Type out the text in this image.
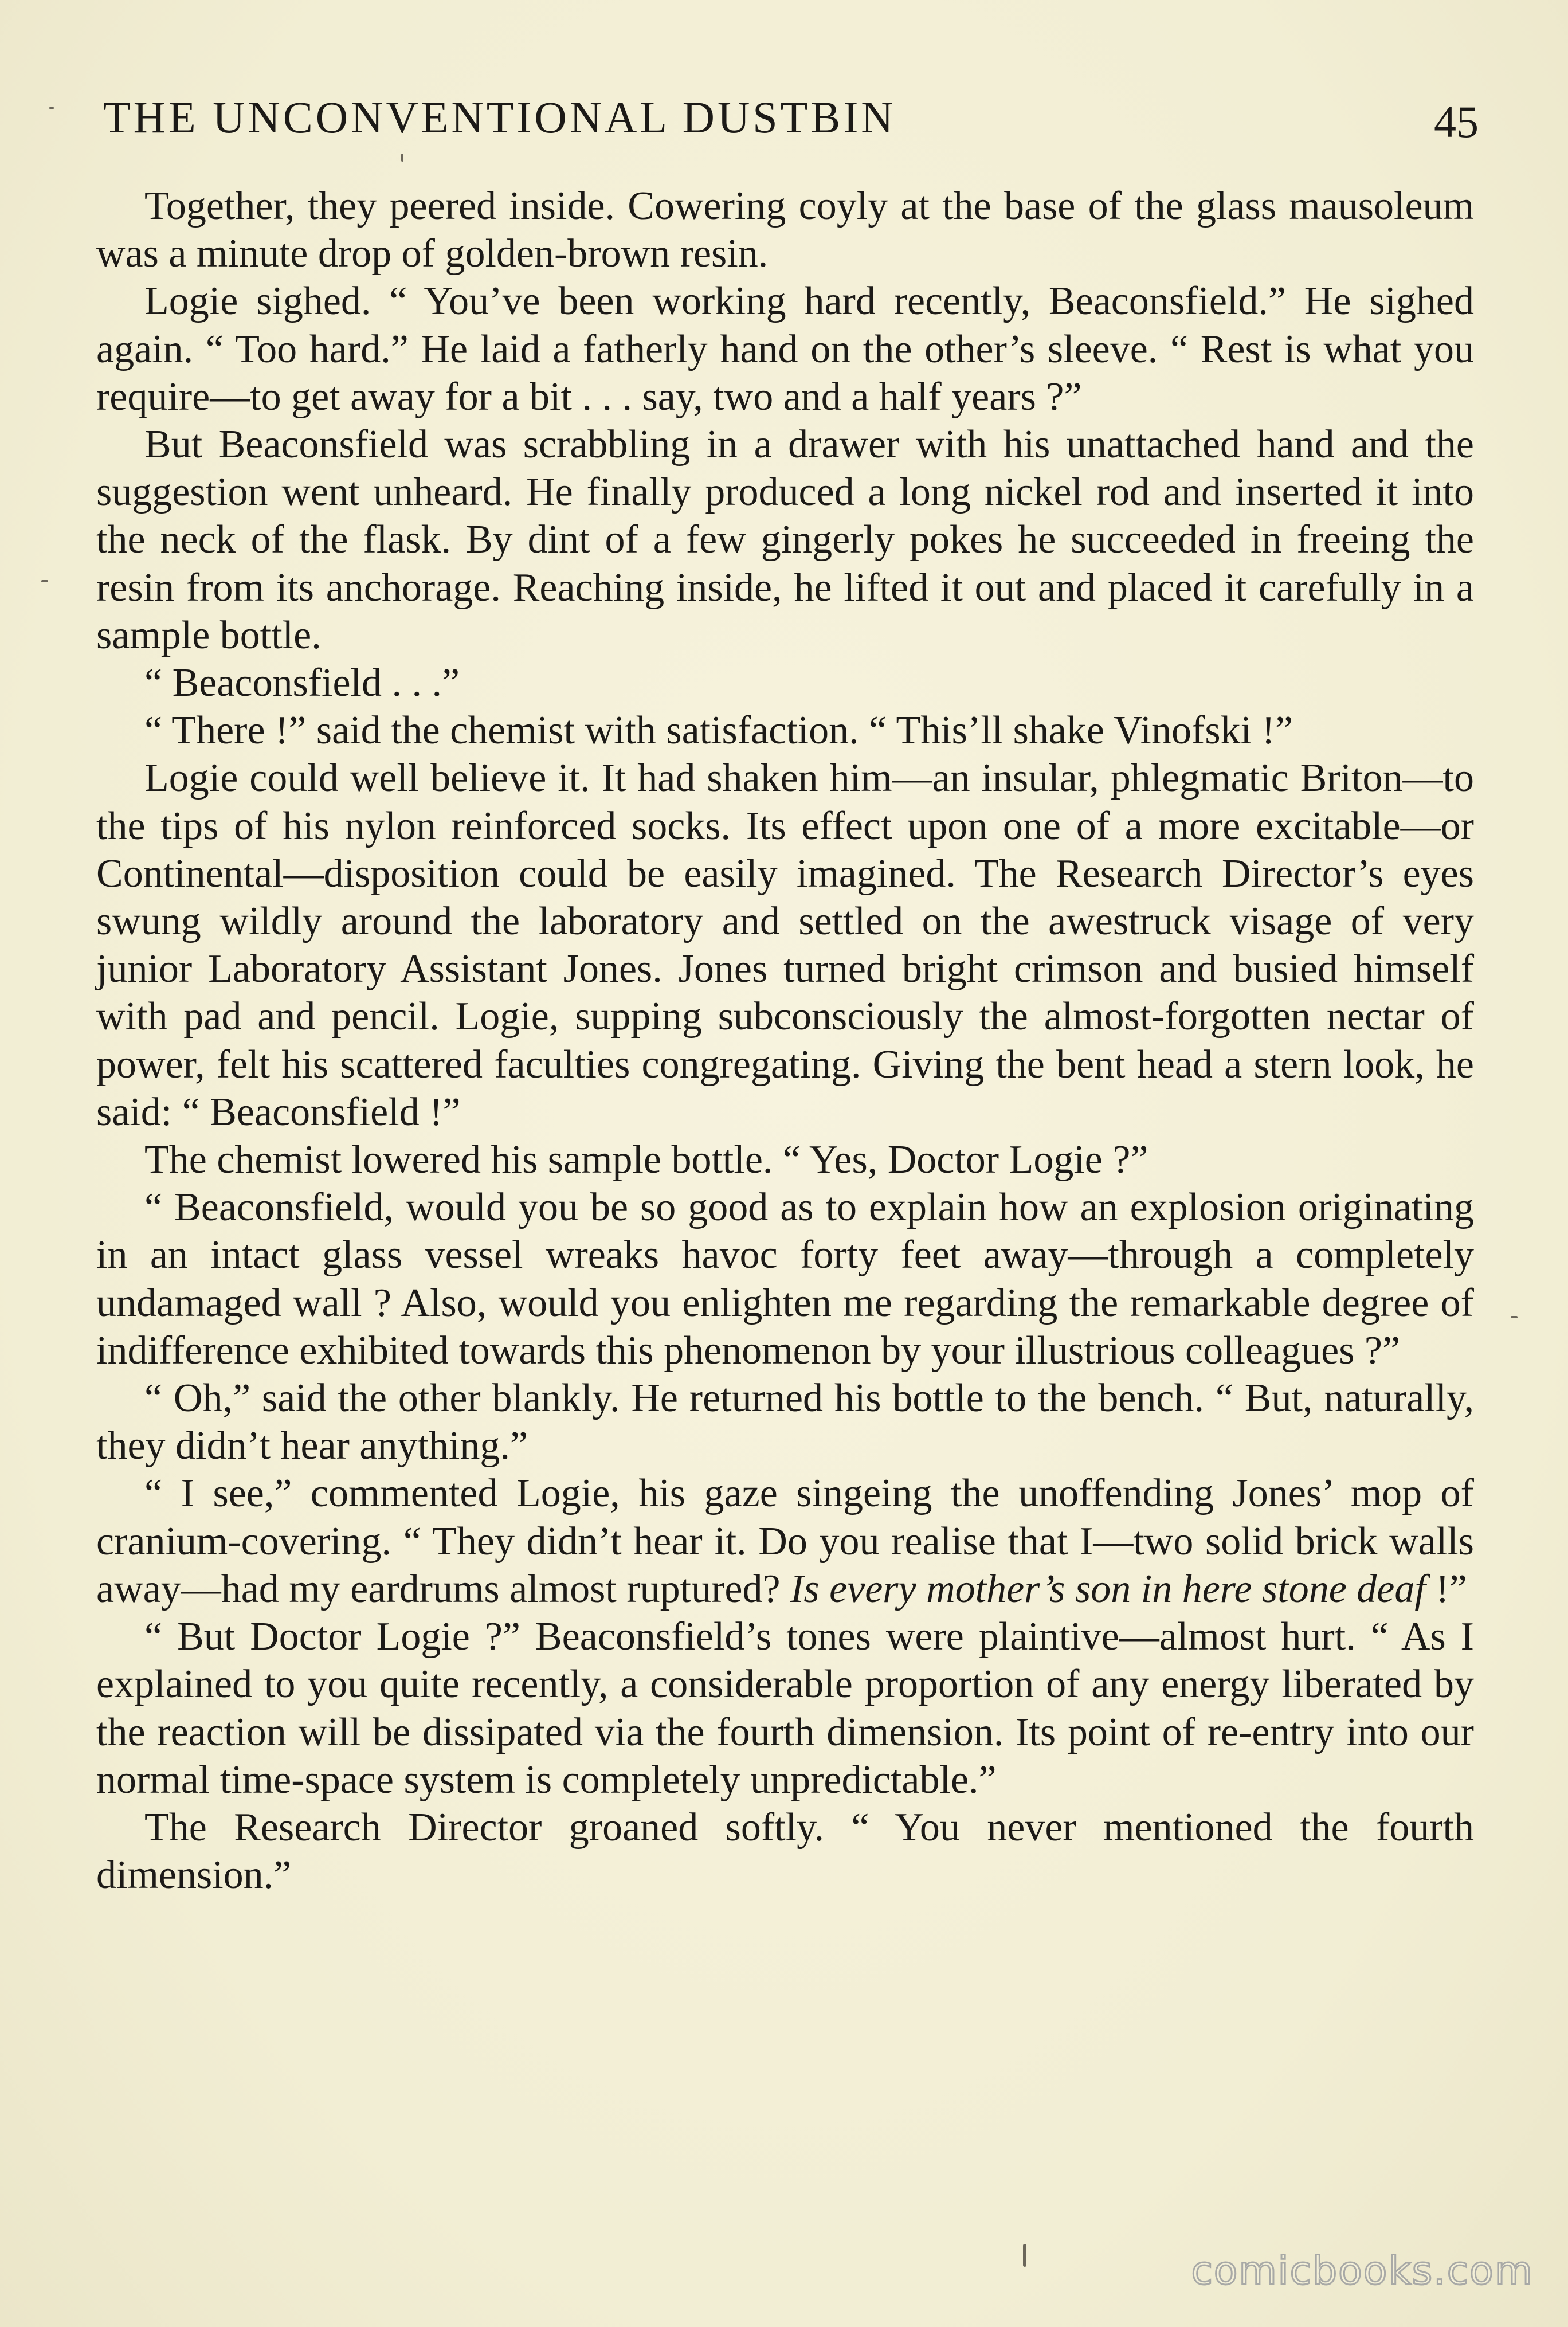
THE UNCONVENTIONAL DUSTBIN	45

Together, they peered inside. Cowering coyly at the base of the glass mausoleum was a minute drop of golden-brown resin.

Logie sighed. “ You’ve been working hard recently, Beaconsfield.” He sighed again. “ Too hard.” He laid a fatherly hand on the other’s sleeve. “ Rest is what you require—to get away for a bit . . . say, two and a half years ?”

But Beaconsfield was scrabbling in a drawer with his unattached hand and the suggestion went unheard. He finally produced a long nickel rod and inserted it into the neck of the flask. By dint of a few gingerly pokes he succeeded in freeing the resin from its anchorage. Reaching inside, he lifted it out and placed it carefully in a sample bottle.

“ Beaconsfield . . .”

“ There !” said the chemist with satisfaction. “ This’ll shake Vinofski !”

Logie could well believe it. It had shaken him—an insular, phlegmatic Briton—to the tips of his nylon reinforced socks. Its effect upon one of a more excitable—or Continental—disposition could be easily imagined. The Research Director’s eyes swung wildly around the laboratory and settled on the awestruck visage of very junior Laboratory Assistant Jones. Jones turned bright crimson and busied himself with pad and pencil. Logie, supping subconsciously the almost-forgotten nectar of power, felt his scattered faculties congregating. Giving the bent head a stern look, he said: “ Beaconsfield !”

The chemist lowered his sample bottle. “ Yes, Doctor Logie ?”

“ Beaconsfield, would you be so good as to explain how an explosion originating in an intact glass vessel wreaks havoc forty feet away—through a completely undamaged wall ? Also, would you enlighten me regarding the remarkable degree of indifference exhibited towards this phenomenon by your illustrious colleagues ?”

“ Oh,” said the other blankly. He returned his bottle to the bench. “ But, naturally, they didn’t hear anything.”

“ I see,” commented Logie, his gaze singeing the unoffending Jones’ mop of cranium-covering. “ They didn’t hear it. Do you realise that I—two solid brick walls away—had my eardrums almost ruptured? Is every mother’s son in here stone deaf !”

“ But Doctor Logie ?” Beaconsfield’s tones were plaintive—almost hurt. “ As I explained to you quite recently, a considerable proportion of any energy liberated by the reaction will be dissipated via the fourth dimension. Its point of re-entry into our normal time-space system is completely unpredictable.”

The Research Director groaned softly. “ You never mentioned the fourth dimension.”

comicbooks.com
